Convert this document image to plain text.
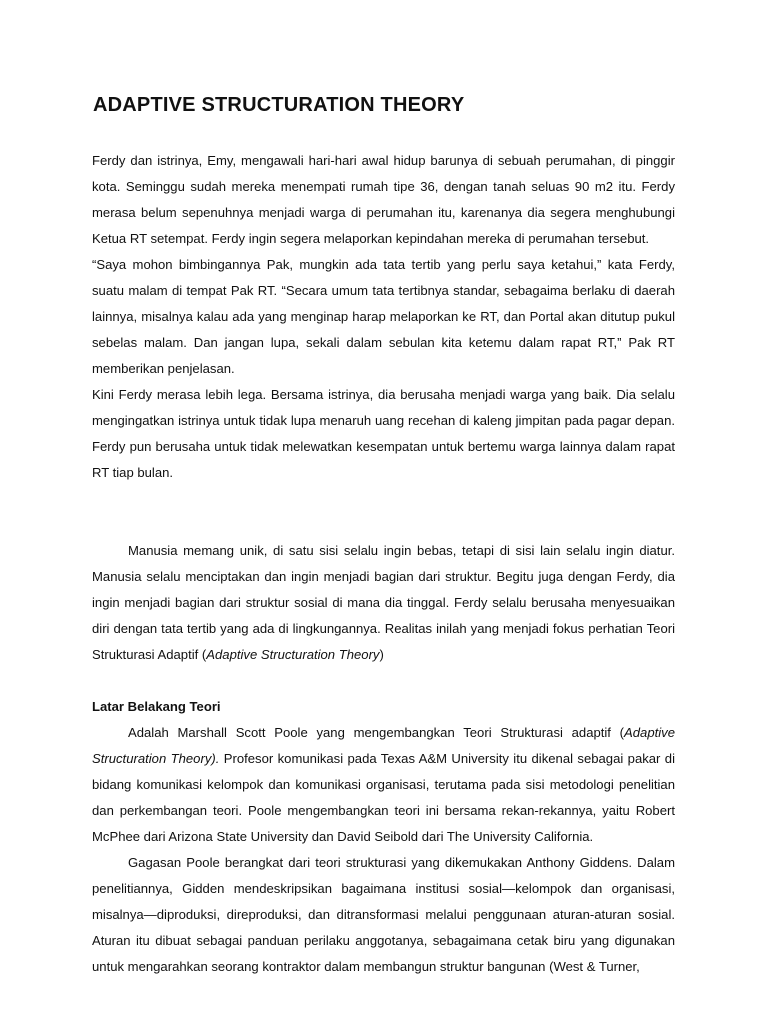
ADAPTIVE STRUCTURATION THEORY

Ferdy dan istrinya, Emy, mengawali hari-hari awal hidup barunya di sebuah perumahan, di pinggir kota. Seminggu sudah mereka menempati rumah tipe 36, dengan tanah seluas 90 m2 itu. Ferdy merasa belum sepenuhnya menjadi warga di perumahan itu, karenanya dia segera menghubungi Ketua RT setempat. Ferdy ingin segera melaporkan kepindahan mereka di perumahan tersebut.

“Saya mohon bimbingannya Pak, mungkin ada tata tertib yang perlu saya ketahui,” kata Ferdy, suatu malam di tempat Pak RT. “Secara umum tata tertibnya standar, sebagaima berlaku di daerah lainnya, misalnya kalau ada yang menginap harap melaporkan ke RT, dan Portal akan ditutup pukul sebelas malam. Dan jangan lupa, sekali dalam sebulan kita ketemu dalam rapat RT,” Pak RT memberikan penjelasan.

Kini Ferdy merasa lebih lega. Bersama istrinya, dia berusaha menjadi warga yang baik. Dia selalu mengingatkan istrinya untuk tidak lupa menaruh uang recehan di kaleng jimpitan pada pagar depan. Ferdy pun berusaha untuk tidak melewatkan kesempatan untuk bertemu warga lainnya dalam rapat RT tiap bulan.

Manusia memang unik, di satu sisi selalu ingin bebas, tetapi di sisi lain selalu ingin diatur. Manusia selalu menciptakan dan ingin menjadi bagian dari struktur. Begitu juga dengan Ferdy, dia ingin menjadi bagian dari struktur sosial di mana dia tinggal. Ferdy selalu berusaha menyesuaikan diri dengan tata tertib yang ada di lingkungannya. Realitas inilah yang menjadi fokus perhatian Teori Strukturasi Adaptif (Adaptive Structuration Theory)

Latar Belakang Teori

Adalah Marshall Scott Poole yang mengembangkan Teori Strukturasi adaptif (Adaptive Structuration Theory). Profesor komunikasi pada Texas A&M University itu dikenal sebagai pakar di bidang komunikasi kelompok dan komunikasi organisasi, terutama pada sisi metodologi penelitian dan perkembangan teori. Poole mengembangkan teori ini bersama rekan-rekannya, yaitu Robert McPhee dari Arizona State University dan David Seibold dari The University California.

Gagasan Poole berangkat dari teori strukturasi yang dikemukakan Anthony Giddens. Dalam penelitiannya, Gidden mendeskripsikan bagaimana institusi sosial—kelompok dan organisasi, misalnya—diproduksi, direproduksi, dan ditransformasi melalui penggunaan aturan-aturan sosial. Aturan itu dibuat sebagai panduan perilaku anggotanya, sebagaimana cetak biru yang digunakan untuk mengarahkan seorang kontraktor dalam membangun struktur bangunan (West & Turner,
